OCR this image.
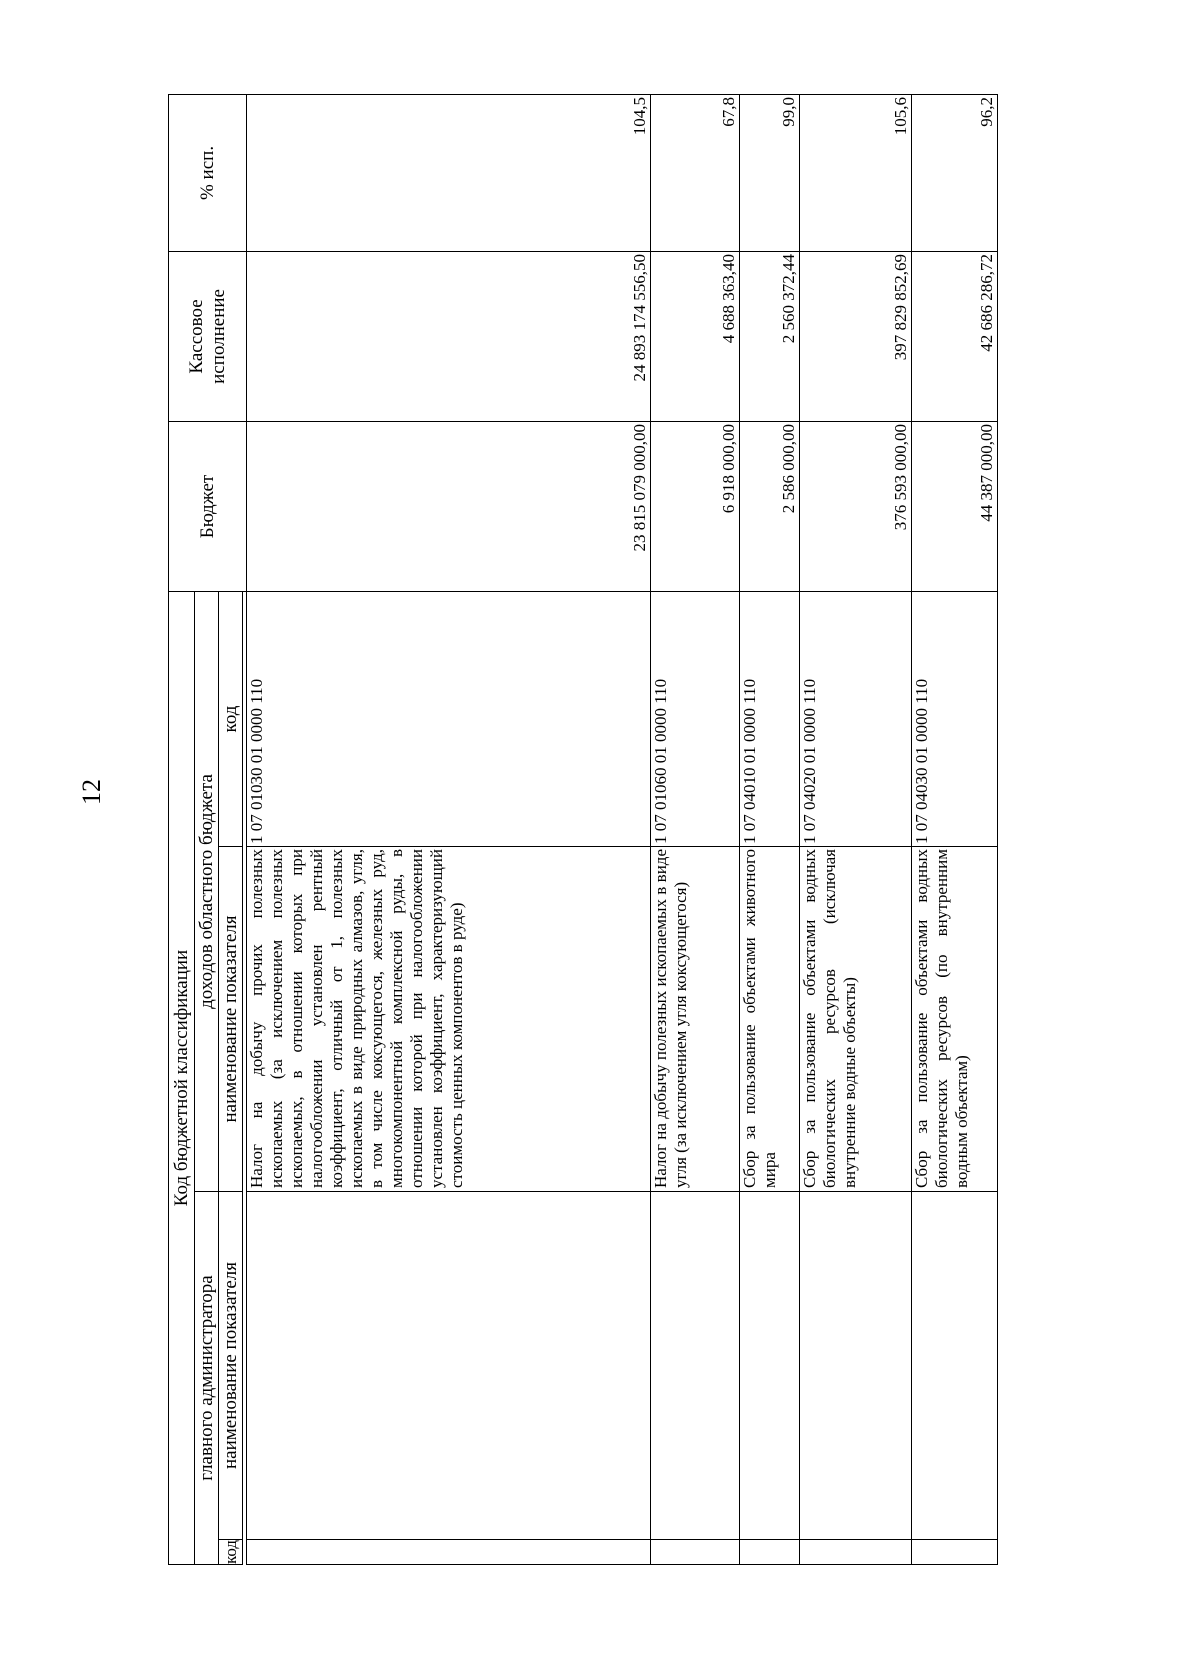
12
Код бюджетной классификации				Бюджет	Кассовое исполнение	% исп.
главного администратора		доходов областного бюджета				
код	наименование показателя	наименование показателя	код			

		Налог на добычу прочих полезных ископаемых (за исключением полезных ископаемых, в отношении которых при налогообложении установлен рентный коэффициент, отличный от 1, полезных ископаемых в виде природных алмазов, угля, в том числе коксующегося, железных руд, многокомпонентной комплексной руды, в отношении которой при налогообложении установлен коэффициент, характеризующий стоимость ценных компонентов в руде)	1 07 01030 01 0000 110	23 815 079 000,00	24 893 174 556,50	104,5
		Налог на добычу полезных ископаемых в виде угля (за исключением угля коксующегося)	1 07 01060 01 0000 110	6 918 000,00	4 688 363,40	67,8
		Сбор за пользование объектами животного мира	1 07 04010 01 0000 110	2 586 000,00	2 560 372,44	99,0
		Сбор за пользование объектами водных биологических ресурсов (исключая внутренние водные объекты)	1 07 04020 01 0000 110	376 593 000,00	397 829 852,69	105,6
		Сбор за пользование объектами водных биологических ресурсов (по внутренним водным объектам)	1 07 04030 01 0000 110	44 387 000,00	42 686 286,72	96,2
